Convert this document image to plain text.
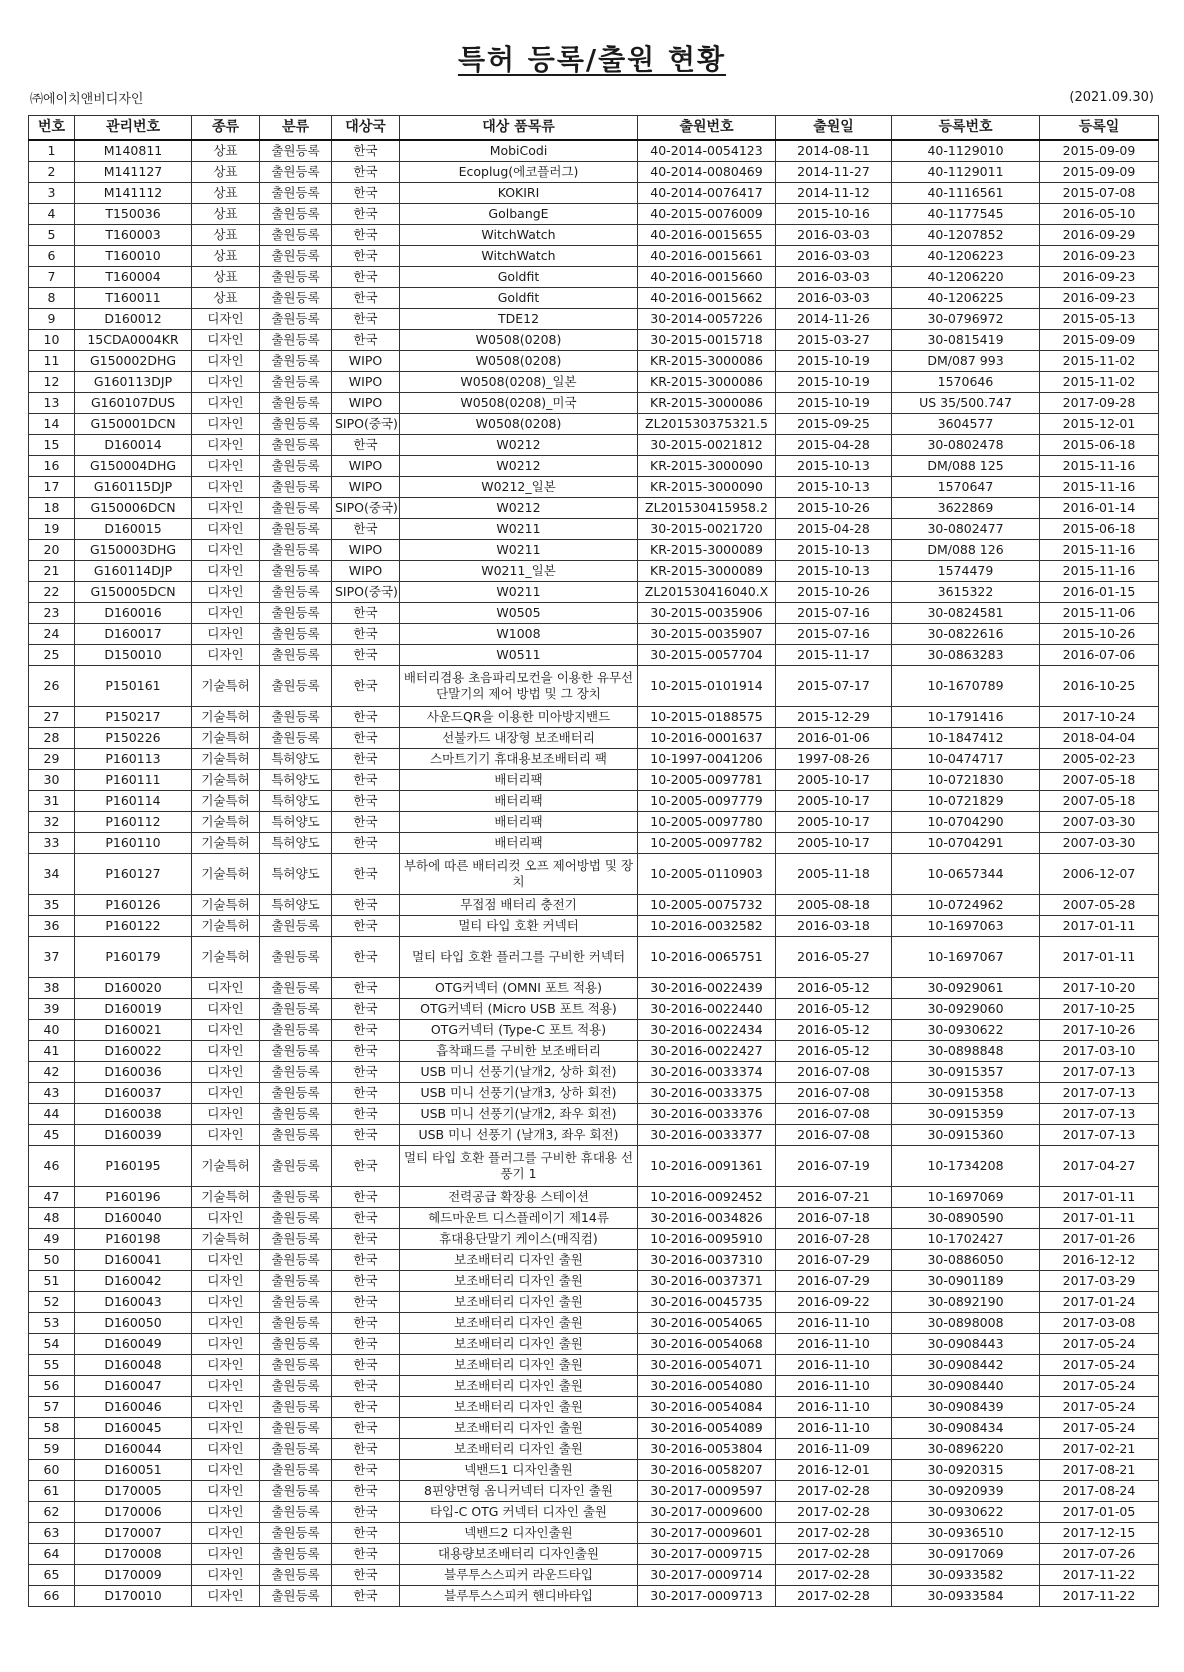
특허 등록/출원 현황
㈜에이치앤비디자인	(2021.09.30)
번호	관리번호	종류	분류	대상국	대상 품목류	출원번호	출원일	등록번호	등록일
1	M140811	상표	출원등록	한국	MobiCodi	40-2014-0054123	2014-08-11	40-1129010	2015-09-09
2	M141127	상표	출원등록	한국	Ecoplug(에코플러그)	40-2014-0080469	2014-11-27	40-1129011	2015-09-09
3	M141112	상표	출원등록	한국	KOKIRI	40-2014-0076417	2014-11-12	40-1116561	2015-07-08
4	T150036	상표	출원등록	한국	GolbangE	40-2015-0076009	2015-10-16	40-1177545	2016-05-10
5	T160003	상표	출원등록	한국	WitchWatch	40-2016-0015655	2016-03-03	40-1207852	2016-09-29
6	T160010	상표	출원등록	한국	WitchWatch	40-2016-0015661	2016-03-03	40-1206223	2016-09-23
7	T160004	상표	출원등록	한국	Goldfit	40-2016-0015660	2016-03-03	40-1206220	2016-09-23
8	T160011	상표	출원등록	한국	Goldfit	40-2016-0015662	2016-03-03	40-1206225	2016-09-23
9	D160012	디자인	출원등록	한국	TDE12	30-2014-0057226	2014-11-26	30-0796972	2015-05-13
10	15CDA0004KR	디자인	출원등록	한국	W0508(0208)	30-2015-0015718	2015-03-27	30-0815419	2015-09-09
11	G150002DHG	디자인	출원등록	WIPO	W0508(0208)	KR-2015-3000086	2015-10-19	DM/087 993	2015-11-02
12	G160113DJP	디자인	출원등록	WIPO	W0508(0208)_일본	KR-2015-3000086	2015-10-19	1570646	2015-11-02
13	G160107DUS	디자인	출원등록	WIPO	W0508(0208)_미국	KR-2015-3000086	2015-10-19	US 35/500.747	2017-09-28
14	G150001DCN	디자인	출원등록	SIPO(중국)	W0508(0208)	ZL201530375321.5	2015-09-25	3604577	2015-12-01
15	D160014	디자인	출원등록	한국	W0212	30-2015-0021812	2015-04-28	30-0802478	2015-06-18
16	G150004DHG	디자인	출원등록	WIPO	W0212	KR-2015-3000090	2015-10-13	DM/088 125	2015-11-16
17	G160115DJP	디자인	출원등록	WIPO	W0212_일본	KR-2015-3000090	2015-10-13	1570647	2015-11-16
18	G150006DCN	디자인	출원등록	SIPO(중국)	W0212	ZL201530415958.2	2015-10-26	3622869	2016-01-14
19	D160015	디자인	출원등록	한국	W0211	30-2015-0021720	2015-04-28	30-0802477	2015-06-18
20	G150003DHG	디자인	출원등록	WIPO	W0211	KR-2015-3000089	2015-10-13	DM/088 126	2015-11-16
21	G160114DJP	디자인	출원등록	WIPO	W0211_일본	KR-2015-3000089	2015-10-13	1574479	2015-11-16
22	G150005DCN	디자인	출원등록	SIPO(중국)	W0211	ZL201530416040.X	2015-10-26	3615322	2016-01-15
23	D160016	디자인	출원등록	한국	W0505	30-2015-0035906	2015-07-16	30-0824581	2015-11-06
24	D160017	디자인	출원등록	한국	W1008	30-2015-0035907	2015-07-16	30-0822616	2015-10-26
25	D150010	디자인	출원등록	한국	W0511	30-2015-0057704	2015-11-17	30-0863283	2016-07-06
26	P150161	기술특허	출원등록	한국	배터리겸용 초음파리모컨을 이용한 유무선 단말기의 제어 방법 및 그 장치	10-2015-0101914	2015-07-17	10-1670789	2016-10-25
27	P150217	기술특허	출원등록	한국	사운드QR을 이용한 미아방지밴드	10-2015-0188575	2015-12-29	10-1791416	2017-10-24
28	P150226	기술특허	출원등록	한국	선불카드 내장형 보조배터리	10-2016-0001637	2016-01-06	10-1847412	2018-04-04
29	P160113	기술특허	특허양도	한국	스마트기기 휴대용보조배터리 팩	10-1997-0041206	1997-08-26	10-0474717	2005-02-23
30	P160111	기술특허	특허양도	한국	배터리팩	10-2005-0097781	2005-10-17	10-0721830	2007-05-18
31	P160114	기술특허	특허양도	한국	배터리팩	10-2005-0097779	2005-10-17	10-0721829	2007-05-18
32	P160112	기술특허	특허양도	한국	배터리팩	10-2005-0097780	2005-10-17	10-0704290	2007-03-30
33	P160110	기술특허	특허양도	한국	배터리팩	10-2005-0097782	2005-10-17	10-0704291	2007-03-30
34	P160127	기술특허	특허양도	한국	부하에 따른 배터리컷 오프 제어방법 및 장치	10-2005-0110903	2005-11-18	10-0657344	2006-12-07
35	P160126	기술특허	특허양도	한국	무접점 배터리 충전기	10-2005-0075732	2005-08-18	10-0724962	2007-05-28
36	P160122	기술특허	출원등록	한국	멀티 타입 호환 커넥터	10-2016-0032582	2016-03-18	10-1697063	2017-01-11
37	P160179	기술특허	출원등록	한국	멀티 타입 호환 플러그를 구비한 커넥터	10-2016-0065751	2016-05-27	10-1697067	2017-01-11
38	D160020	디자인	출원등록	한국	OTG커넥터 (OMNI 포트 적용)	30-2016-0022439	2016-05-12	30-0929061	2017-10-20
39	D160019	디자인	출원등록	한국	OTG커넥터 (Micro USB 포트 적용)	30-2016-0022440	2016-05-12	30-0929060	2017-10-25
40	D160021	디자인	출원등록	한국	OTG커넥터 (Type-C 포트 적용)	30-2016-0022434	2016-05-12	30-0930622	2017-10-26
41	D160022	디자인	출원등록	한국	흡착패드를 구비한 보조배터리	30-2016-0022427	2016-05-12	30-0898848	2017-03-10
42	D160036	디자인	출원등록	한국	USB 미니 선풍기(날개2, 상하 회전)	30-2016-0033374	2016-07-08	30-0915357	2017-07-13
43	D160037	디자인	출원등록	한국	USB 미니 선풍기(날개3, 상하 회전)	30-2016-0033375	2016-07-08	30-0915358	2017-07-13
44	D160038	디자인	출원등록	한국	USB 미니 선풍기(날개2, 좌우 회전)	30-2016-0033376	2016-07-08	30-0915359	2017-07-13
45	D160039	디자인	출원등록	한국	USB 미니 선풍기 (날개3, 좌우 회전)	30-2016-0033377	2016-07-08	30-0915360	2017-07-13
46	P160195	기술특허	출원등록	한국	멀티 타입 호환 플러그를 구비한 휴대용 선풍기 1	10-2016-0091361	2016-07-19	10-1734208	2017-04-27
47	P160196	기술특허	출원등록	한국	전력공급 확장용 스테이션	10-2016-0092452	2016-07-21	10-1697069	2017-01-11
48	D160040	디자인	출원등록	한국	헤드마운트 디스플레이기 제14류	30-2016-0034826	2016-07-18	30-0890590	2017-01-11
49	P160198	기술특허	출원등록	한국	휴대용단말기 케이스(매직컴)	10-2016-0095910	2016-07-28	10-1702427	2017-01-26
50	D160041	디자인	출원등록	한국	보조배터리 디자인 출원	30-2016-0037310	2016-07-29	30-0886050	2016-12-12
51	D160042	디자인	출원등록	한국	보조배터리 디자인 출원	30-2016-0037371	2016-07-29	30-0901189	2017-03-29
52	D160043	디자인	출원등록	한국	보조배터리 디자인 출원	30-2016-0045735	2016-09-22	30-0892190	2017-01-24
53	D160050	디자인	출원등록	한국	보조배터리 디자인 출원	30-2016-0054065	2016-11-10	30-0898008	2017-03-08
54	D160049	디자인	출원등록	한국	보조배터리 디자인 출원	30-2016-0054068	2016-11-10	30-0908443	2017-05-24
55	D160048	디자인	출원등록	한국	보조배터리 디자인 출원	30-2016-0054071	2016-11-10	30-0908442	2017-05-24
56	D160047	디자인	출원등록	한국	보조배터리 디자인 출원	30-2016-0054080	2016-11-10	30-0908440	2017-05-24
57	D160046	디자인	출원등록	한국	보조배터리 디자인 출원	30-2016-0054084	2016-11-10	30-0908439	2017-05-24
58	D160045	디자인	출원등록	한국	보조배터리 디자인 출원	30-2016-0054089	2016-11-10	30-0908434	2017-05-24
59	D160044	디자인	출원등록	한국	보조배터리 디자인 출원	30-2016-0053804	2016-11-09	30-0896220	2017-02-21
60	D160051	디자인	출원등록	한국	넥밴드1 디자인출원	30-2016-0058207	2016-12-01	30-0920315	2017-08-21
61	D170005	디자인	출원등록	한국	8핀양면형 옴니커넥터 디자인 출원	30-2017-0009597	2017-02-28	30-0920939	2017-08-24
62	D170006	디자인	출원등록	한국	타입-C OTG 커넥터 디자인 출원	30-2017-0009600	2017-02-28	30-0930622	2017-01-05
63	D170007	디자인	출원등록	한국	넥밴드2 디자인출원	30-2017-0009601	2017-02-28	30-0936510	2017-12-15
64	D170008	디자인	출원등록	한국	대용량보조배터리 디자인출원	30-2017-0009715	2017-02-28	30-0917069	2017-07-26
65	D170009	디자인	출원등록	한국	블루투스스피커 라운드타입	30-2017-0009714	2017-02-28	30-0933582	2017-11-22
66	D170010	디자인	출원등록	한국	블루투스스피커 핸디바타입	30-2017-0009713	2017-02-28	30-0933584	2017-11-22
